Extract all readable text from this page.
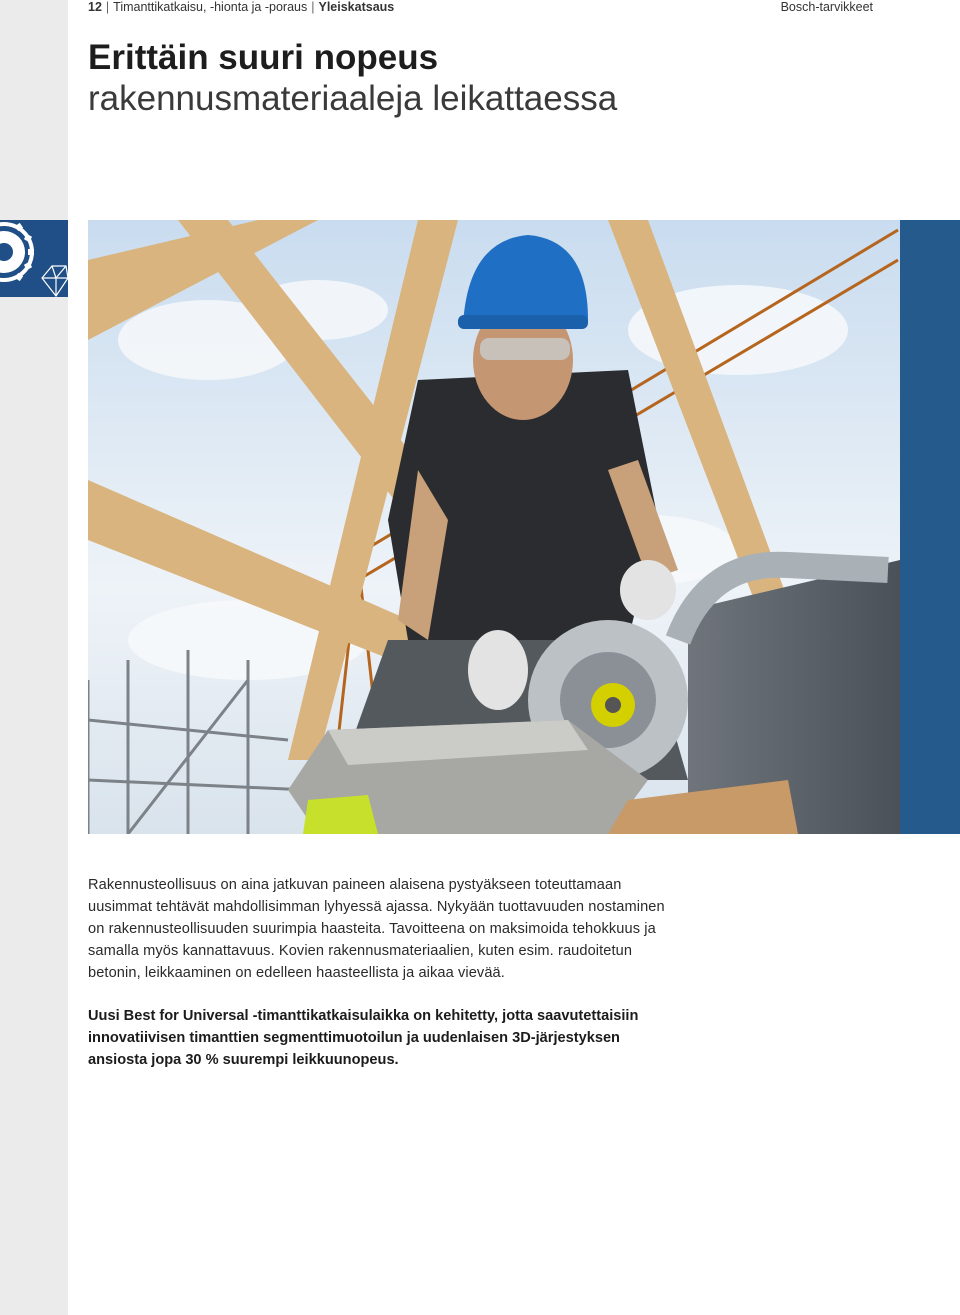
12 | Timanttikatkaisu, -hionta ja -poraus | Yleiskatsaus	Bosch-tarvikkeet
Erittäin suuri nopeus
rakennusmateriaaleja leikattaessa

Rakennusteollisuus on aina jatkuvan paineen alaisena pystyäkseen toteuttamaan uusimmat tehtävät mahdollisimman lyhyessä ajassa. Nykyään tuottavuuden nostaminen on rakennusteollisuuden suurimpia haasteita. Tavoitteena on maksimoida tehokkuus ja samalla myös kannattavuus. Kovien rakennusmateriaalien, kuten esim. raudoitetun betonin, leikkaaminen on edelleen haasteellista ja aikaa vievää.

Uusi Best for Universal -timanttikatkaisulaikka on kehitetty, jotta saavutettaisiin innovatiivisen timanttien segmenttimuotoilun ja uudenlaisen 3D-järjestyksen ansiosta jopa 30 % suurempi leikkuunopeus.
